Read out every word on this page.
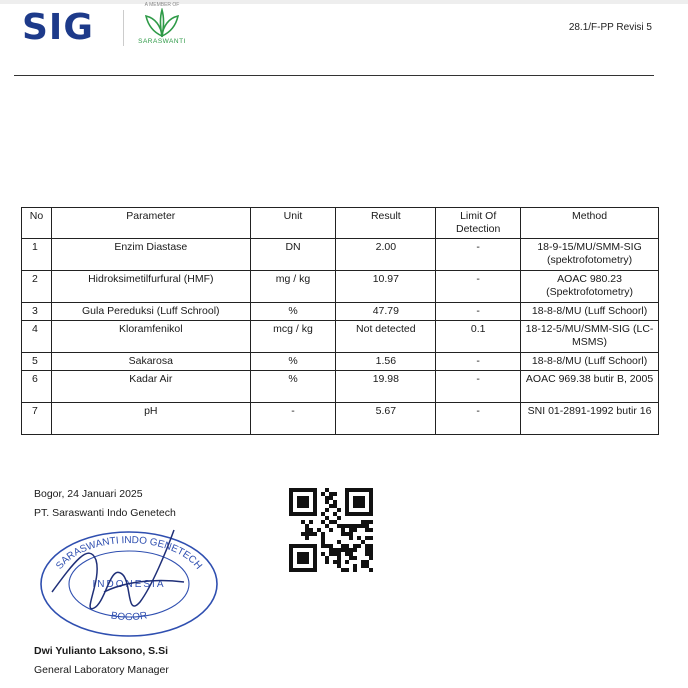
SIG
A MEMBER OF
SARASWANTI
28.1/F-PP Revisi 5
No	Parameter	Unit	Result	Limit Of Detection	Method
1	Enzim Diastase	DN	2.00	-	18-9-15/MU/SMM-SIG (spektrofotometry)
2	Hidroksimetilfurfural (HMF)	mg / kg	10.97	-	AOAC 980.23 (Spektrofotometry)
3	Gula Pereduksi (Luff Schrool)	%	47.79	-	18-8-8/MU (Luff Schoorl)
4	Kloramfenikol	mcg / kg	Not detected	0.1	18-12-5/MU/SMM-SIG (LC-MSMS)
5	Sakarosa	%	1.56	-	18-8-8/MU (Luff Schoorl)
6	Kadar Air	%	19.98	-	AOAC 969.38 butir B, 2005
7	pH	-	5.67	-	SNI 01-2891-1992 butir 16
Bogor, 24 Januari 2025
PT. Saraswanti Indo Genetech
SARASWANTI INDO GENETECH
INDONESIA
BOGOR
Dwi Yulianto Laksono, S.Si
General Laboratory Manager
